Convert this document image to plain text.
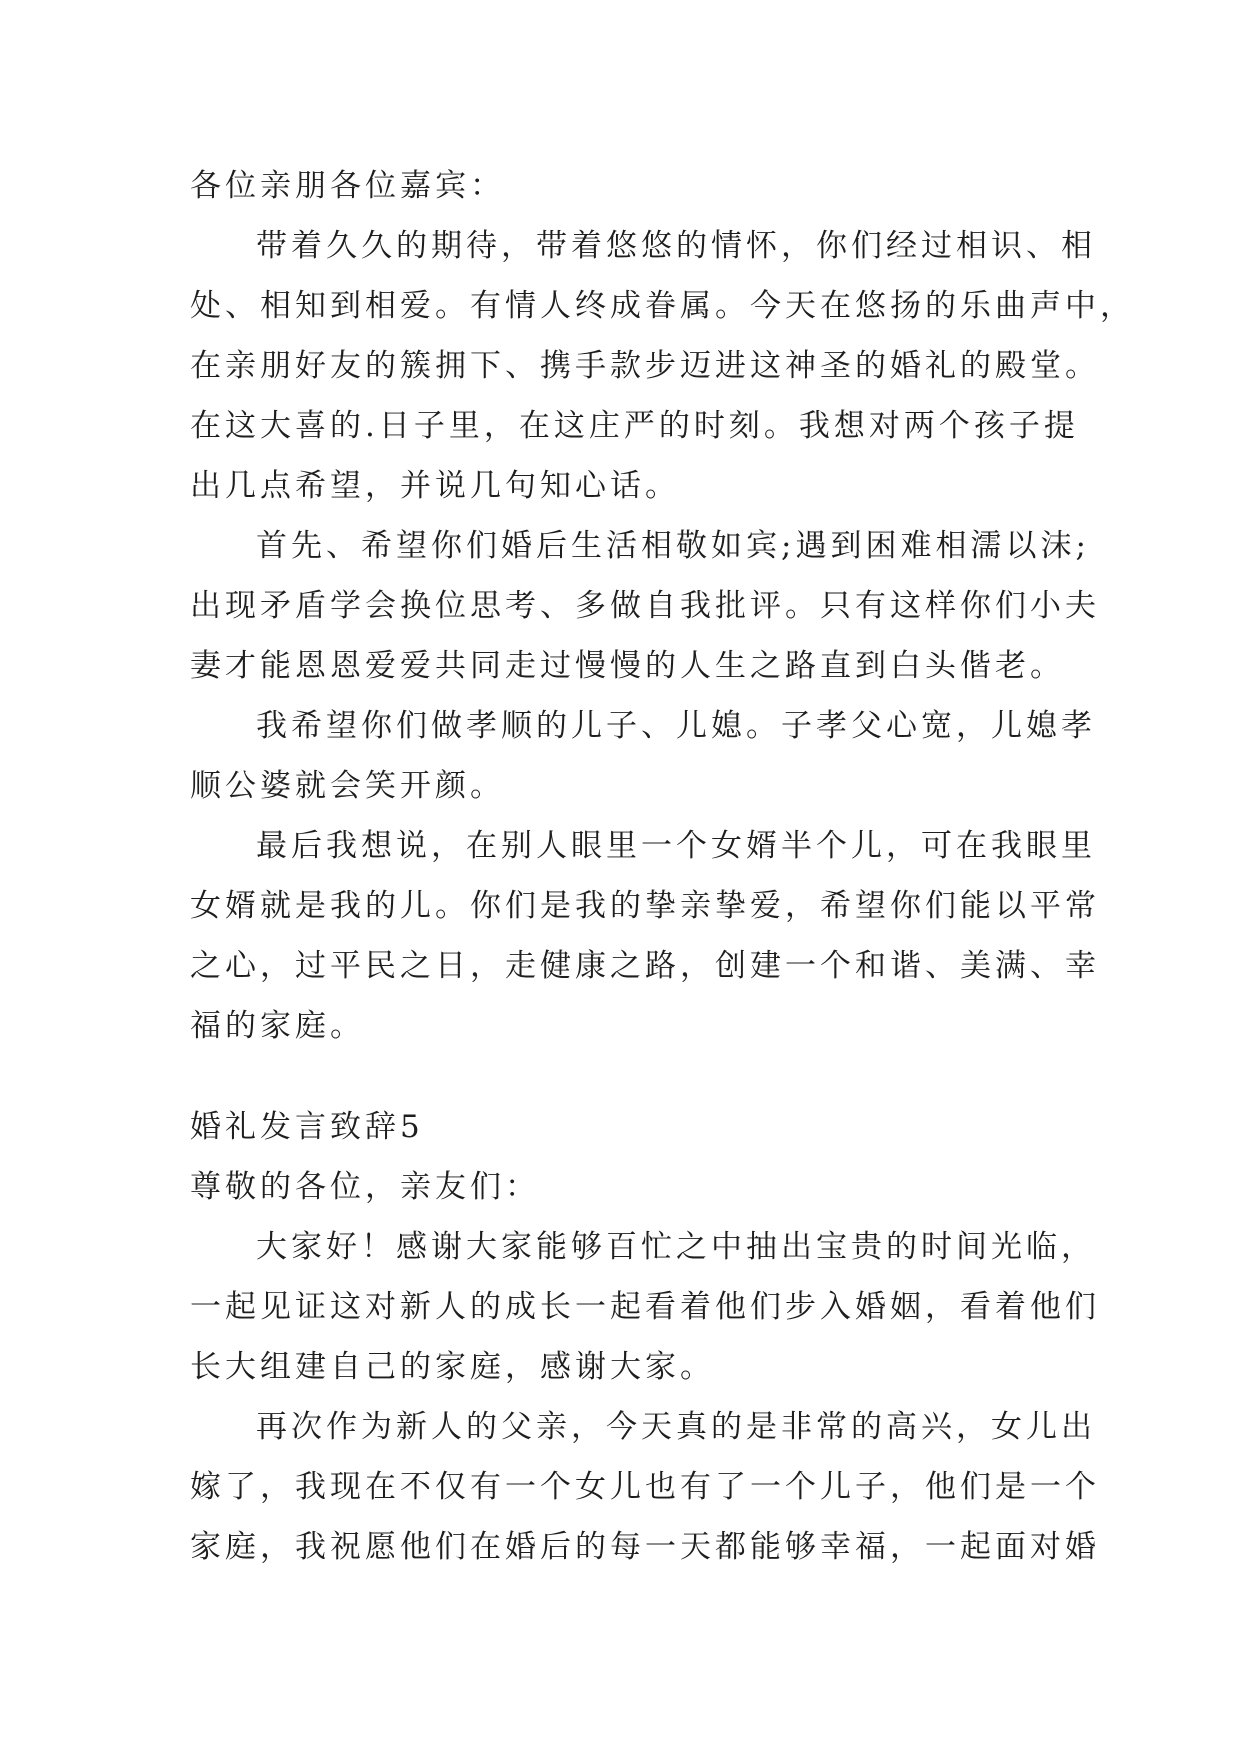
各位亲朋各位嘉宾：
带着久久的期待，带着悠悠的情怀，你们经过相识、相
处、相知到相爱。有情人终成眷属。今天在悠扬的乐曲声中，
在亲朋好友的簇拥下、携手款步迈进这神圣的婚礼的殿堂。
在这大喜的.日子里，在这庄严的时刻。我想对两个孩子提
出几点希望，并说几句知心话。
首先、希望你们婚后生活相敬如宾;遇到困难相濡以沫;
出现矛盾学会换位思考、多做自我批评。只有这样你们小夫
妻才能恩恩爱爱共同走过慢慢的人生之路直到白头偕老。
我希望你们做孝顺的儿子、儿媳。子孝父心宽，儿媳孝
顺公婆就会笑开颜。
最后我想说，在别人眼里一个女婿半个儿，可在我眼里
女婿就是我的儿。你们是我的挚亲挚爱，希望你们能以平常
之心，过平民之日，走健康之路，创建一个和谐、美满、幸
福的家庭。
婚礼发言致辞5
尊敬的各位，亲友们：
大家好！感谢大家能够百忙之中抽出宝贵的时间光临，
一起见证这对新人的成长一起看着他们步入婚姻，看着他们
长大组建自己的家庭，感谢大家。
再次作为新人的父亲，今天真的是非常的高兴，女儿出
嫁了，我现在不仅有一个女儿也有了一个儿子，他们是一个
家庭，我祝愿他们在婚后的每一天都能够幸福，一起面对婚
